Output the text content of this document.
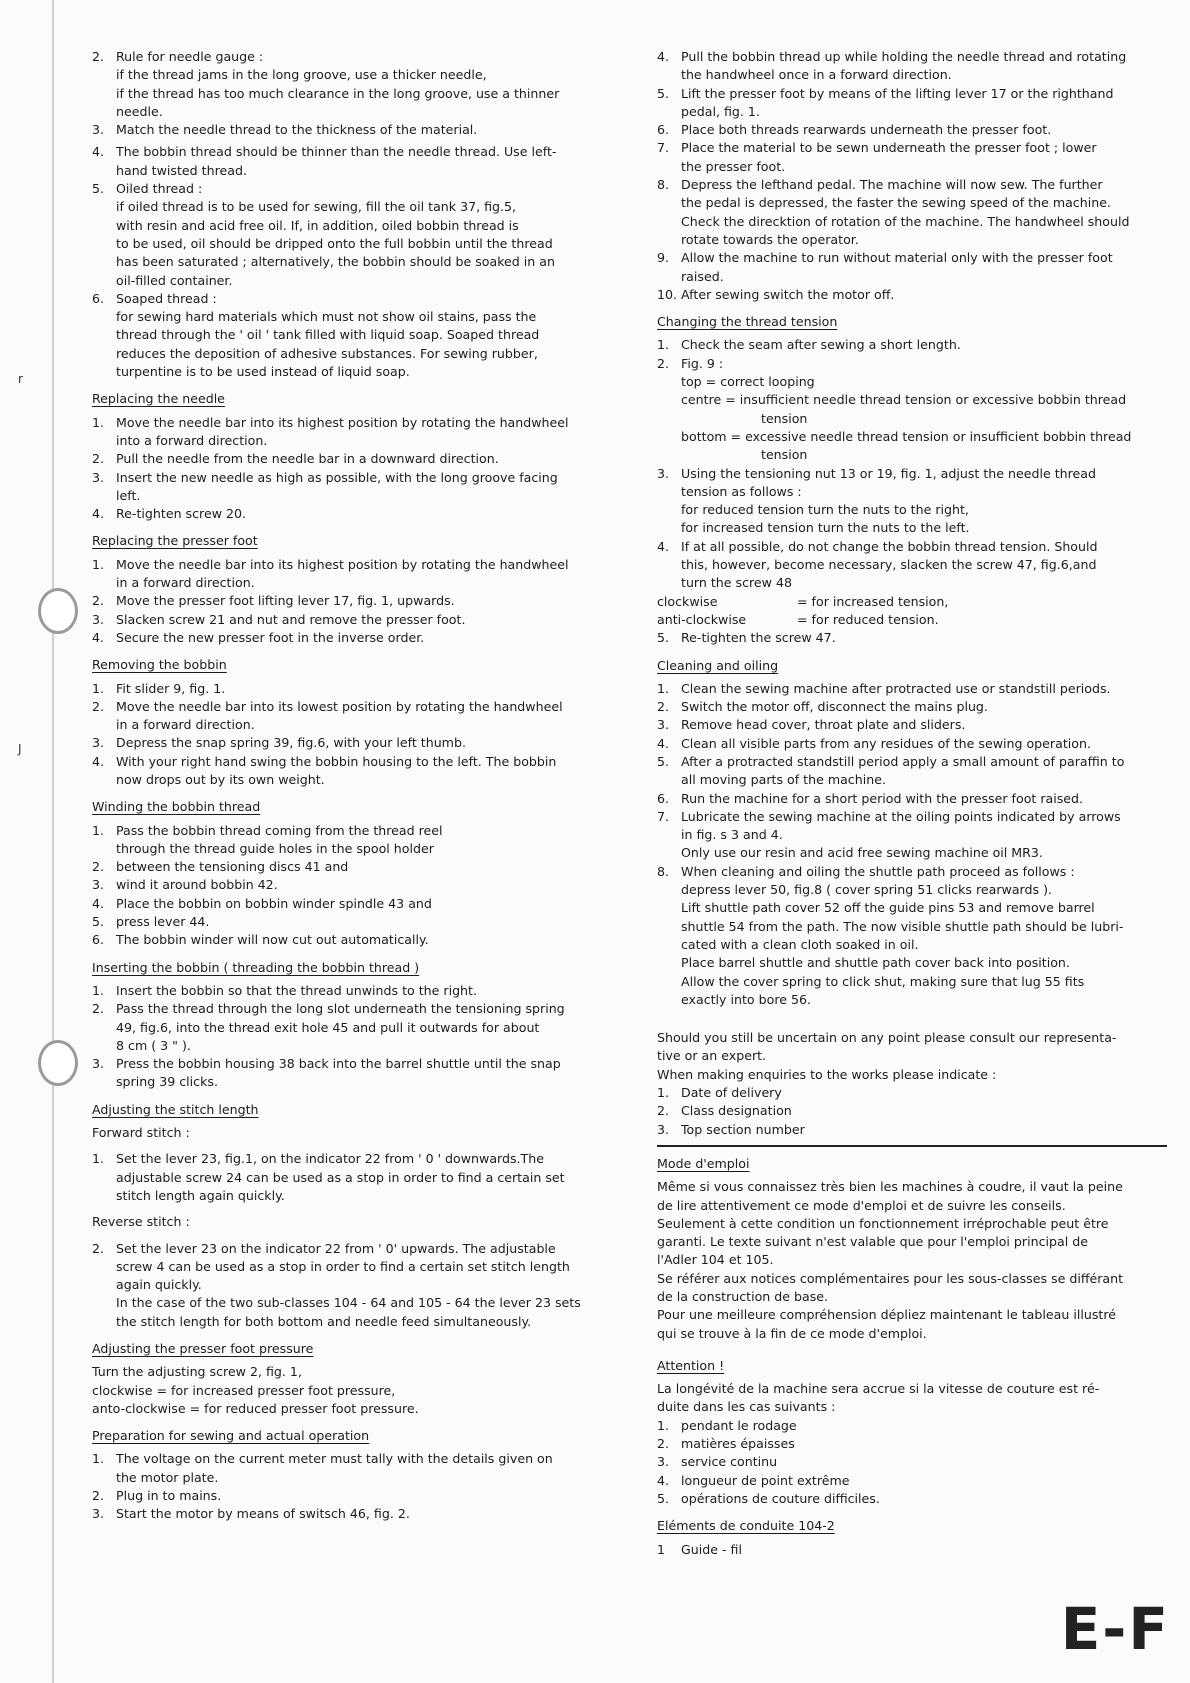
r
J
2. Rule for needle gauge :
if the thread jams in the long groove, use a thicker needle,
if the thread has too much clearance in the long groove, use a thinner
needle.
3. Match the needle thread to the thickness of the material.
4. The bobbin thread should be thinner than the needle thread. Use left-
hand twisted thread.
5. Oiled thread :
if oiled thread is to be used for sewing, fill the oil tank 37, fig.5,
with resin and acid free oil. If, in addition, oiled bobbin thread is
to be used, oil should be dripped onto the full bobbin until the thread
has been saturated ; alternatively, the bobbin should be soaked in an
oil-filled container.
6. Soaped thread :
for sewing hard materials which must not show oil stains, pass the
thread through the ' oil ' tank filled with liquid soap. Soaped thread
reduces the deposition of adhesive substances. For sewing rubber,
turpentine is to be used instead of liquid soap.
Replacing the needle
1. Move the needle bar into its highest position by rotating the handwheel
into a forward direction.
2. Pull the needle from the needle bar in a downward direction.
3. Insert the new needle as high as possible, with the long groove facing
left.
4. Re-tighten screw 20.
Replacing the presser foot
1. Move the needle bar into its highest position by rotating the handwheel
in a forward direction.
2. Move the presser foot lifting lever 17, fig. 1, upwards.
3. Slacken screw 21 and nut and remove the presser foot.
4. Secure the new presser foot in the inverse order.
Removing the bobbin
1. Fit slider 9, fig. 1.
2. Move the needle bar into its lowest position by rotating the handwheel
in a forward direction.
3. Depress the snap spring 39, fig.6, with your left thumb.
4. With your right hand swing the bobbin housing to the left. The bobbin
now drops out by its own weight.
Winding the bobbin thread
1. Pass the bobbin thread coming from the thread reel
through the thread guide holes in the spool holder
2. between the tensioning discs 41 and
3. wind it around bobbin 42.
4. Place the bobbin on bobbin winder spindle 43 and
5. press lever 44.
6. The bobbin winder will now cut out automatically.
Inserting the bobbin ( threading the bobbin thread )
1. Insert the bobbin so that the thread unwinds to the right.
2. Pass the thread through the long slot underneath the tensioning spring
49, fig.6, into the thread exit hole 45 and pull it outwards for about
8 cm ( 3 " ).
3. Press the bobbin housing 38 back into the barrel shuttle until the snap
spring 39 clicks.
Adjusting the stitch length
Forward stitch :
1. Set the lever 23, fig.1, on the indicator 22 from ' 0 ' downwards.The
adjustable screw 24 can be used as a stop in order to find a certain set
stitch length again quickly.
Reverse stitch :
2. Set the lever 23 on the indicator 22 from ' 0' upwards. The adjustable
screw 4 can be used as a stop in order to find a certain set stitch length
again quickly.
In the case of the two sub-classes 104 - 64 and 105 - 64 the lever 23 sets
the stitch length for both bottom and needle feed simultaneously.
Adjusting the presser foot pressure
Turn the adjusting screw 2, fig. 1,
clockwise = for increased presser foot pressure,
anto-clockwise = for reduced presser foot pressure.
Preparation for sewing and actual operation
1. The voltage on the current meter must tally with the details given on
the motor plate.
2. Plug in to mains.
3. Start the motor by means of switsch 46, fig. 2.
4. Pull the bobbin thread up while holding the needle thread and rotating
the handwheel once in a forward direction.
5. Lift the presser foot by means of the lifting lever 17 or the righthand
pedal, fig. 1.
6. Place both threads rearwards underneath the presser foot.
7. Place the material to be sewn underneath the presser foot ; lower
the presser foot.
8. Depress the lefthand pedal. The machine will now sew. The further
the pedal is depressed, the faster the sewing speed of the machine.
Check the direcktion of rotation of the machine. The handwheel should
rotate towards the operator.
9. Allow the machine to run without material only with the presser foot
raised.
10. After sewing switch the motor off.
Changing the thread tension
1. Check the seam after sewing a short length.
2. Fig. 9 :
top = correct looping
centre = insufficient needle thread tension or excessive bobbin thread
tension
bottom = excessive needle thread tension or insufficient bobbin thread
tension
3. Using the tensioning nut 13 or 19, fig. 1, adjust the needle thread
tension as follows :
for reduced tension turn the nuts to the right,
for increased tension turn the nuts to the left.
4. If at all possible, do not change the bobbin thread tension. Should
this, however, become necessary, slacken the screw 47, fig.6,and
turn the screw 48
clockwise	= for increased tension,
anti-clockwise	= for reduced tension.
5. Re-tighten the screw 47.
Cleaning and oiling
1. Clean the sewing machine after protracted use or standstill periods.
2. Switch the motor off, disconnect the mains plug.
3. Remove head cover, throat plate and sliders.
4. Clean all visible parts from any residues of the sewing operation.
5. After a protracted standstill period apply a small amount of paraffin to
all moving parts of the machine.
6. Run the machine for a short period with the presser foot raised.
7. Lubricate the sewing machine at the oiling points indicated by arrows
in fig. s 3 and 4.
Only use our resin and acid free sewing machine oil MR3.
8. When cleaning and oiling the shuttle path proceed as follows :
depress lever 50, fig.8 ( cover spring 51 clicks rearwards ).
Lift shuttle path cover 52 off the guide pins 53 and remove barrel
shuttle 54 from the path. The now visible shuttle path should be lubri-
cated with a clean cloth soaked in oil.
Place barrel shuttle and shuttle path cover back into position.
Allow the cover spring to click shut, making sure that lug 55 fits
exactly into bore 56.
Should you still be uncertain on any point please consult our representa-
tive or an expert.
When making enquiries to the works please indicate :
1. Date of delivery
2. Class designation
3. Top section number
Mode d'emploi
Même si vous connaissez très bien les machines à coudre, il vaut la peine
de lire attentivement ce mode d'emploi et de suivre les conseils.
Seulement à cette condition un fonctionnement irréprochable peut être
garanti. Le texte suivant n'est valable que pour l'emploi principal de
l'Adler 104 et 105.
Se référer aux notices complémentaires pour les sous-classes se différant
de la construction de base.
Pour une meilleure compréhension dépliez maintenant le tableau illustré
qui se trouve à la fin de ce mode d'emploi.
Attention !
La longévité de la machine sera accrue si la vitesse de couture est ré-
duite dans les cas suivants :
1. pendant le rodage
2. matières épaisses
3. service continu
4. longueur de point extrême
5. opérations de couture difficiles.
Eléments de conduite 104-2
1	Guide - fil
E-F
